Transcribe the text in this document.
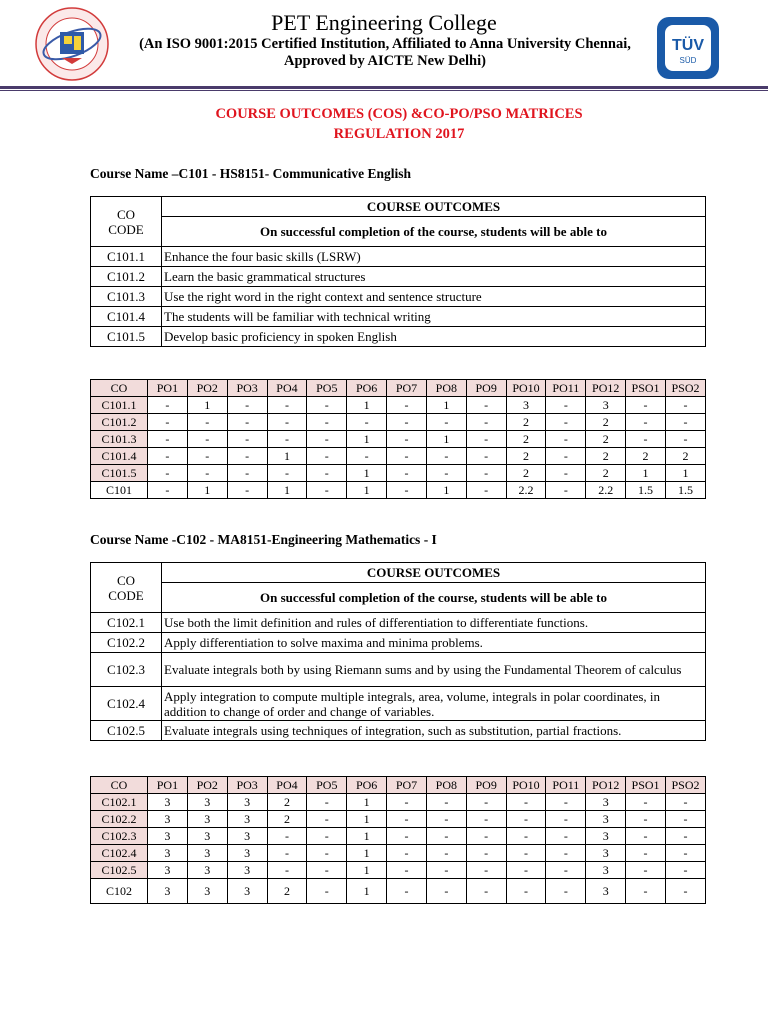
PET Engineering College
(An ISO 9001:2015 Certified Institution, Affiliated to Anna University Chennai,
Approved by AICTE New Delhi)
TÜV
SÜD
COURSE OUTCOMES (COS) &CO-PO/PSO MATRICES
REGULATION 2017
Course Name –C101 - HS8151- Communicative English
CO
CODE	COURSE OUTCOMES
	On successful completion of the course, students will be able to
C101.1	Enhance the four basic skills (LSRW)
C101.2	Learn the basic grammatical structures
C101.3	Use the right word in the right context and sentence structure
C101.4	The students will be familiar with technical writing
C101.5	Develop basic proficiency in spoken English
CO	PO1	PO2	PO3	PO4	PO5	PO6	PO7	PO8	PO9	PO10	PO11	PO12	PSO1	PSO2
C101.1	-	1	-	-	-	1	-	1	-	3	-	3	-	-
C101.2	-	-	-	-	-	-	-	-	-	2	-	2	-	-
C101.3	-	-	-	-	-	1	-	1	-	2	-	2	-	-
C101.4	-	-	-	1	-	-	-	-	-	2	-	2	2	2
C101.5	-	-	-	-	-	1	-	-	-	2	-	2	1	1
C101	-	1	-	1	-	1	-	1	-	2.2	-	2.2	1.5	1.5
Course Name -C102 - MA8151-Engineering Mathematics - I
CO
CODE	COURSE OUTCOMES
	On successful completion of the course, students will be able to
C102.1	Use both the limit definition and rules of differentiation to differentiate functions.
C102.2	Apply differentiation to solve maxima and minima problems.
C102.3	Evaluate integrals both by using Riemann sums and by using the Fundamental Theorem of calculus
C102.4	Apply integration to compute multiple integrals, area, volume, integrals in polar coordinates, in addition to change of order and change of variables.
C102.5	Evaluate integrals using techniques of integration, such as substitution, partial fractions.
CO	PO1	PO2	PO3	PO4	PO5	PO6	PO7	PO8	PO9	PO10	PO11	PO12	PSO1	PSO2
C102.1	3	3	3	2	-	1	-	-	-	-	-	3	-	-
C102.2	3	3	3	2	-	1	-	-	-	-	-	3	-	-
C102.3	3	3	3	-	-	1	-	-	-	-	-	3	-	-
C102.4	3	3	3	-	-	1	-	-	-	-	-	3	-	-
C102.5	3	3	3	-	-	1	-	-	-	-	-	3	-	-
C102	3	3	3	2	-	1	-	-	-	-	-	3	-	-
